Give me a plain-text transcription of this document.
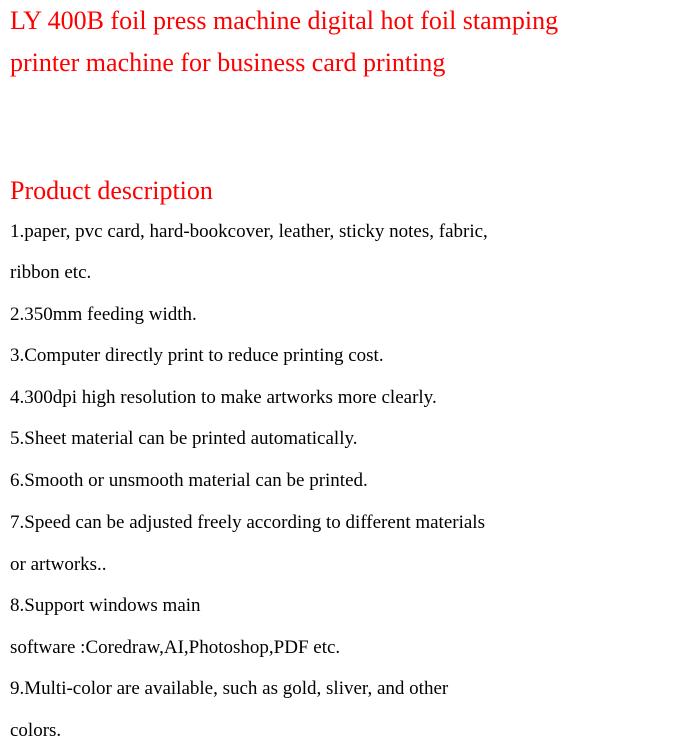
LY 400B foil press machine digital hot foil stamping printer machine for business card printing
Product description

1.paper, pvc card, hard-bookcover, leather, sticky notes, fabric,

ribbon etc.

2.350mm feeding width.

3.Computer directly print to reduce printing cost.

4.300dpi high resolution to make artworks more clearly.

5.Sheet material can be printed automatically.

6.Smooth or unsmooth material can be printed.

7.Speed can be adjusted freely according to different materials

or artworks..

8.Support windows main

software :Coredraw,AI,Photoshop,PDF etc.

9.Multi-color are available, such as gold, sliver, and other

colors.
